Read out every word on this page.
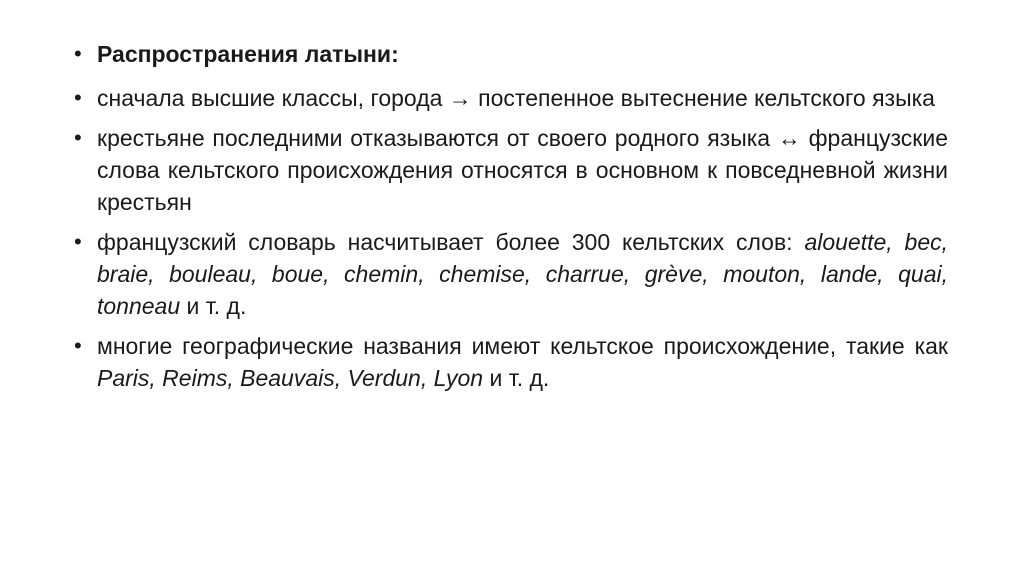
• Распространения латыни:
• сначала высшие классы, города → постепенное вытеснение кельтского языка
• крестьяне последними отказываются от своего родного языка ↔ французские слова кельтского происхождения относятся в основном к повседневной жизни крестьян
• французский словарь насчитывает более 300 кельтских слов: alouette, bec, braie, bouleau, boue, chemin, chemise, charrue, grève, mouton, lande, quai, tonneau и т. д.
• многие географические названия имеют кельтское происхождение, такие как Paris, Reims, Beauvais, Verdun, Lyon и т. д.
